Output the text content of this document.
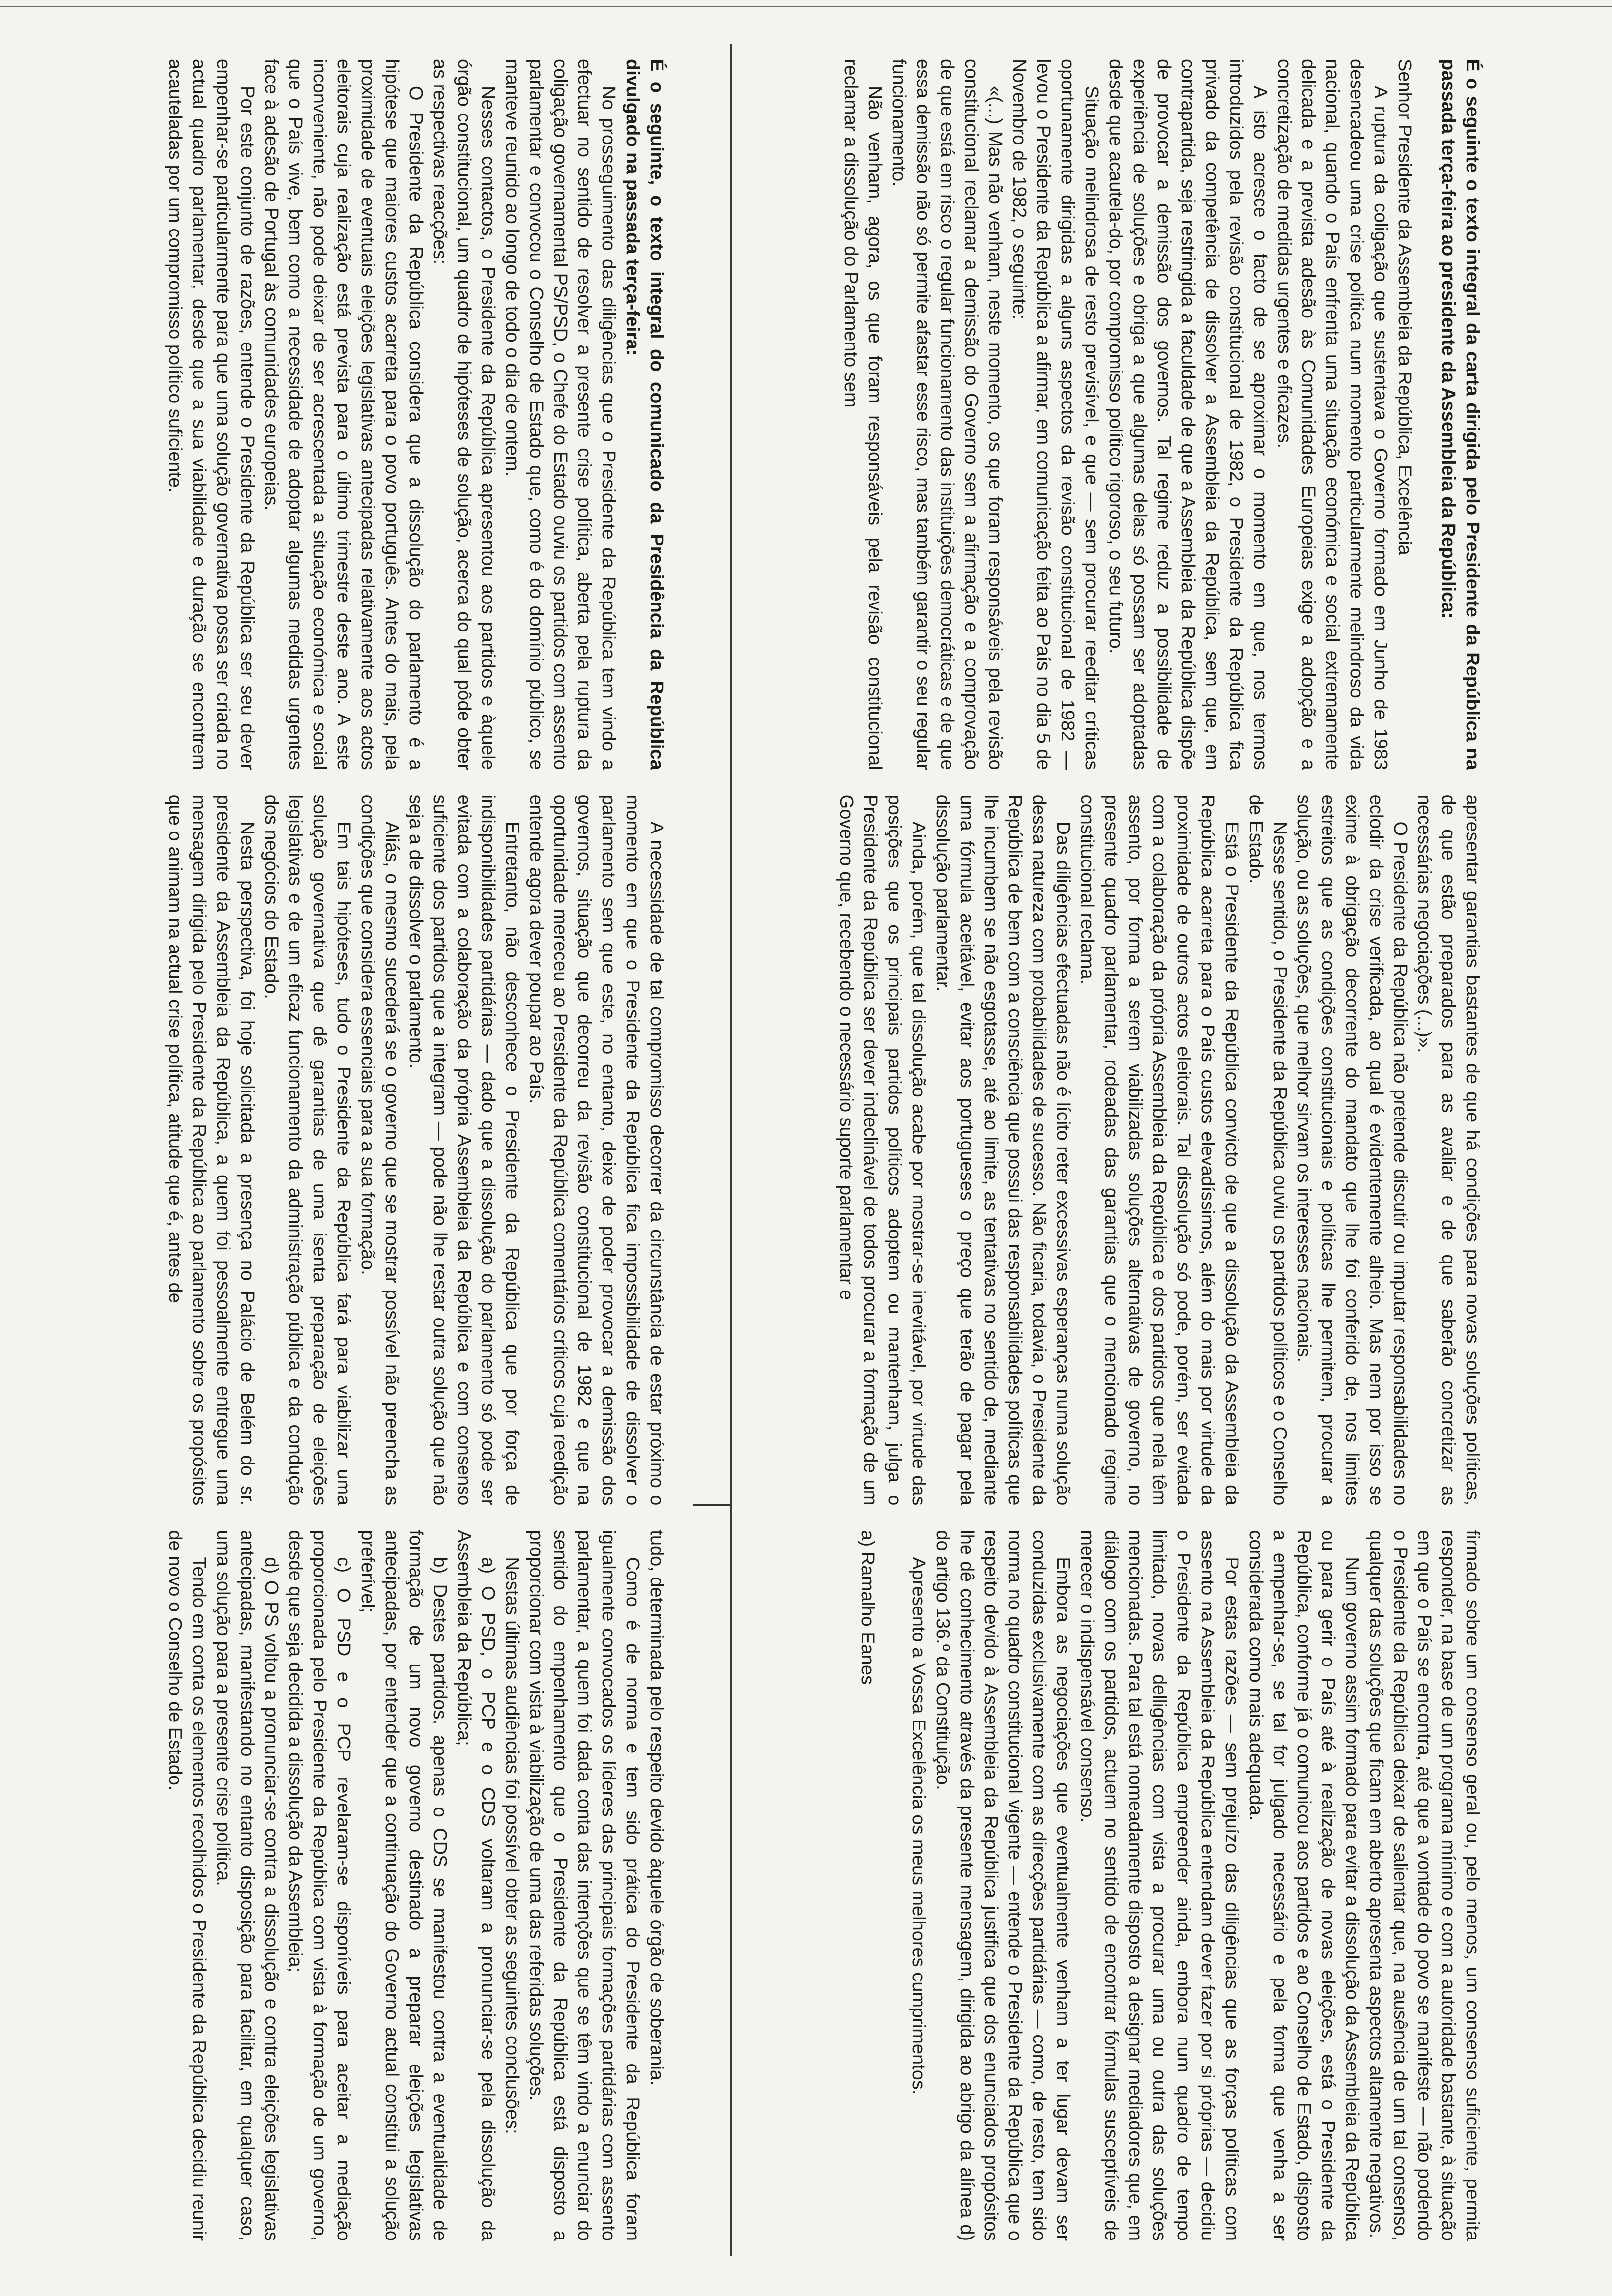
É o seguinte o texto integral da carta dirigida pelo Presidente da República na passada terça-feira ao presidente da Assembleia da República:

Senhor Presidente da Assembleia da República, Excelência

A ruptura da coligação que sustentava o Governo formado em Junho de 1983 desencadeou uma crise política num momento particularmente melindroso da vida nacional, quando o País enfrenta uma situação económica e social extremamente delicada e a prevista adesão às Comunidades Europeias exige a adopção e a concretização de medidas urgentes e eficazes.

A isto acresce o facto de se aproximar o momento em que, nos termos introduzidos pela revisão constitucional de 1982, o Presidente da República fica privado da competência de dissolver a Assembleia da República, sem que, em contrapartida, seja restringida a faculdade de que a Assembleia da República dispõe de provocar a demissão dos governos. Tal regime reduz a possibilidade de experiência de soluções e obriga a que algumas delas só possam ser adoptadas desde que acautela-do, por compromisso político rigoroso, o seu futuro.

Situação melindrosa de resto previsível, e que — sem procurar reeditar críticas oportunamente dirigidas a alguns aspectos da revisão constitucional de 1982 — levou o Presidente da República a afirmar, em comunicação feita ao País no dia 5 de Novembro de 1982, o seguinte:

«(...) Mas não venham, neste momento, os que foram responsáveis pela revisão constitucional reclamar a demissão do Governo sem a afirmação e a comprovação de que está em risco o regular funcionamento das instituições democráticas e de que essa demissão não só permite afastar esse risco, mas também garantir o seu regular funcionamento.

Não venham, agora, os que foram responsáveis pela revisão constitucional reclamar a dissolução do Parlamento sem

apresentar garantias bastantes de que há condições para novas soluções políticas, de que estão preparados para as avaliar e de que saberão concretizar as necessárias negociações (...)».

O Presidente da República não pretende discutir ou imputar responsabilidades no eclodir da crise verificada, ao qual é evidentemente alheio. Mas nem por isso se exime à obrigação decorrente do mandato que lhe foi conferido de, nos limites estreitos que as condições constitucionais e políticas lhe permitem, procurar a solução, ou as soluções, que melhor sirvam os interesses nacionais.

Nesse sentido, o Presidente da República ouviu os partidos políticos e o Conselho de Estado.

Está o Presidente da República convicto de que a dissolução da Assembleia da República acarreta para o País custos elevadíssimos, além do mais por virtude da proximidade de outros actos eleitorais. Tal dissolução só pode, porém, ser evitada com a colaboração da própria Assembleia da República e dos partidos que nela têm assento, por forma a serem viabilizadas soluções alternativas de governo, no presente quadro parlamentar, rodeadas das garantias que o mencionado regime constitucional reclama.

Das diligências efectuadas não é lícito reter excessivas esperanças numa solução dessa natureza com probabilidades de sucesso. Não ficaria, todavia, o Presidente da República de bem com a consciência que possui das responsabilidades políticas que lhe incumbem se não esgotasse, até ao limite, as tentativas no sentido de, mediante uma fórmula aceitável, evitar aos portugueses o preço que terão de pagar pela dissolução parlamentar.

Ainda, porém, que tal dissolução acabe por mostrar-se inevitável, por virtude das posições que os principais partidos políticos adoptem ou mantenham, julga o Presidente da República ser dever indeclinável de todos procurar a formação de um Governo que, recebendo o necessário suporte parlamentar e

firmado sobre um consenso geral ou, pelo menos, um consenso suficiente, permita responder, na base de um programa mínimo e com a autoridade bastante, à situação em que o País se encontra, até que a vontade do povo se manifeste — não podendo o Presidente da República deixar de salientar que, na ausência de um tal consenso, qualquer das soluções que ficam em aberto apresenta aspectos altamente negativos.

Num governo assim formado para evitar a dissolução da Assembleia da República ou para gerir o País até à realização de novas eleições, está o Presidente da República, conforme já o comunicou aos partidos e ao Conselho de Estado, disposto a empenhar-se, se tal for julgado necessário e pela forma que venha a ser considerada como mais adequada.

Por estas razões — sem prejuízo das diligências que as forças políticas com assento na Assembleia da República entendam dever fazer por si próprias — decidiu o Presidente da República empreender ainda, embora num quadro de tempo limitado, novas delligências com vista a procurar uma ou outra das soluções mencionadas. Para tal está nomeadamente disposto a designar mediadores que, em diálogo com os partidos, actuem no sentido de encontrar fórmulas susceptíveis de merecer o indispensável consenso.

Embora as negociações que eventualmente venham a ter lugar devam ser conduzidas exclusivamente com as direcções partidárias — como, de resto, tem sido norma no quadro constitucional vigente — entende o Presidente da República que o respeito devido à Assembleia da República justifica que dos enunciados propósitos lhe dê conhecimento através da presente mensagem, dirigida ao abrigo da alínea d) do artigo 136.º da Constituição.

Apresento a Vossa Excelência os meus melhores cumprimentos.

a) Ramalho Eanes

É o seguinte, o texto integral do comunicado da Presidência da República divulgado na passada terça-feira:

No prosseguimento das diligências que o Presidente da República tem vindo a efectuar no sentido de resolver a presente crise política, aberta pela ruptura da coligação governamental PS/PSD, o Chefe do Estado ouviu os partidos com assento parlamentar e convocou o Conselho de Estado que, como é do domínio público, se manteve reunido ao longo de todo o dia de ontem.

Nesses contactos, o Presidente da República apresentou aos partidos e àquele órgão constitucional, um quadro de hipóteses de solução, acerca do qual pôde obter as respectivas reacções:

O Presidente da República considera que a dissolução do parlamento é a hipótese que maiores custos acarreta para o povo português. Antes do mais, pela proximidade de eventuais eleições legislativas antecipadas relativamente aos actos eleitorais cuja realização está prevista para o último trimestre deste ano. A este inconveniente, não pode deixar de ser acrescentada a situação económica e social que o País vive, bem como a necessidade de adoptar algumas medidas urgentes face à adesão de Portugal às comunidades europeias.

Por este conjunto de razões, entende o Presidente da República ser seu dever empenhar-se particularmente para que uma solução governativa possa ser criada no actual quadro parlamentar, desde que a sua viabilidade e duração se encontrem acauteladas por um compromisso político suficiente.

A necessidade de tal compromisso decorrer da circunstância de estar próximo o momento em que o Presidente da República fica impossibilidade de dissolver o parlamento sem que este, no entanto, deixe de poder provocar a demissão dos governos, situação que decorreu da revisão constitucional de 1982 e que na oportunidade mereceu ao Presidente da República comentários críticos cuja reedição entende agora dever poupar ao País.

Entretanto, não desconhece o Presidente da República que por força de indisponibilidades partidárias — dado que a dissolução do parlamento só pode ser evitada com a colaboração da própria Assembleia da República e com consenso suficiente dos partidos que a integram — pode não lhe restar outra solução que não seja a de dissolver o parlamento.

Aliás, o mesmo sucederá se o governo que se mostrar possível não preencha as condições que considera essenciais para a sua formação.

Em tais hipóteses, tudo o Presidente da República fará para viabilizar uma solução governativa que dê garantias de uma isenta preparação de eleições legislativas e de um eficaz funcionamento da administração pública e da condução dos negócios do Estado.

Nesta perspectiva, foi hoje solicitada a presença no Palácio de Belém do sr. presidente da Assembleia da República, a quem foi pessoalmente entregue uma mensagem dirigida pelo Presidente da República ao parlamento sobre os propósitos que o animam na actual crise política, atitude que é, antes de

tudo, determinada pelo respeito devido àquele órgão de soberania.

Como é de norma e tem sido prática do Presidente da República foram igualmente convocados os líderes das principais formações partidárias com assento parlamentar, a quem foi dada conta das intenções que se têm vindo a enunciar do sentido do empenhamento que o Presidente da República está disposto a proporcionar com vista à viabilização de uma das referidas soluções.

Nestas últimas audiências foi possível obter as seguintes conclusões:

a) O PSD, o PCP e o CDS voltaram a pronunciar-se pela dissolução da Assembleia da República;

b) Destes partidos, apenas o CDS se manifestou contra a eventualidade de formação de um novo governo destinado a preparar eleições legislativas antecipadas, por entender que a continuação do Governo actual constitui a solução preferível;

c) O PSD e o PCP revelaram-se disponíveis para aceitar a mediação proporcionada pelo Presidente da República com vista à formação de um governo, desde que seja decidida a dissolução da Assembleia;

d) O PS voltou a pronunciar-se contra a dissolução e contra eleições legislativas antecipadas, manifestando no entanto disposição para facilitar, em qualquer caso, uma solução para a presente crise política.

Tendo em conta os elementos recolhidos o Presidente da República decidiu reunir de novo o Conselho de Estado.
